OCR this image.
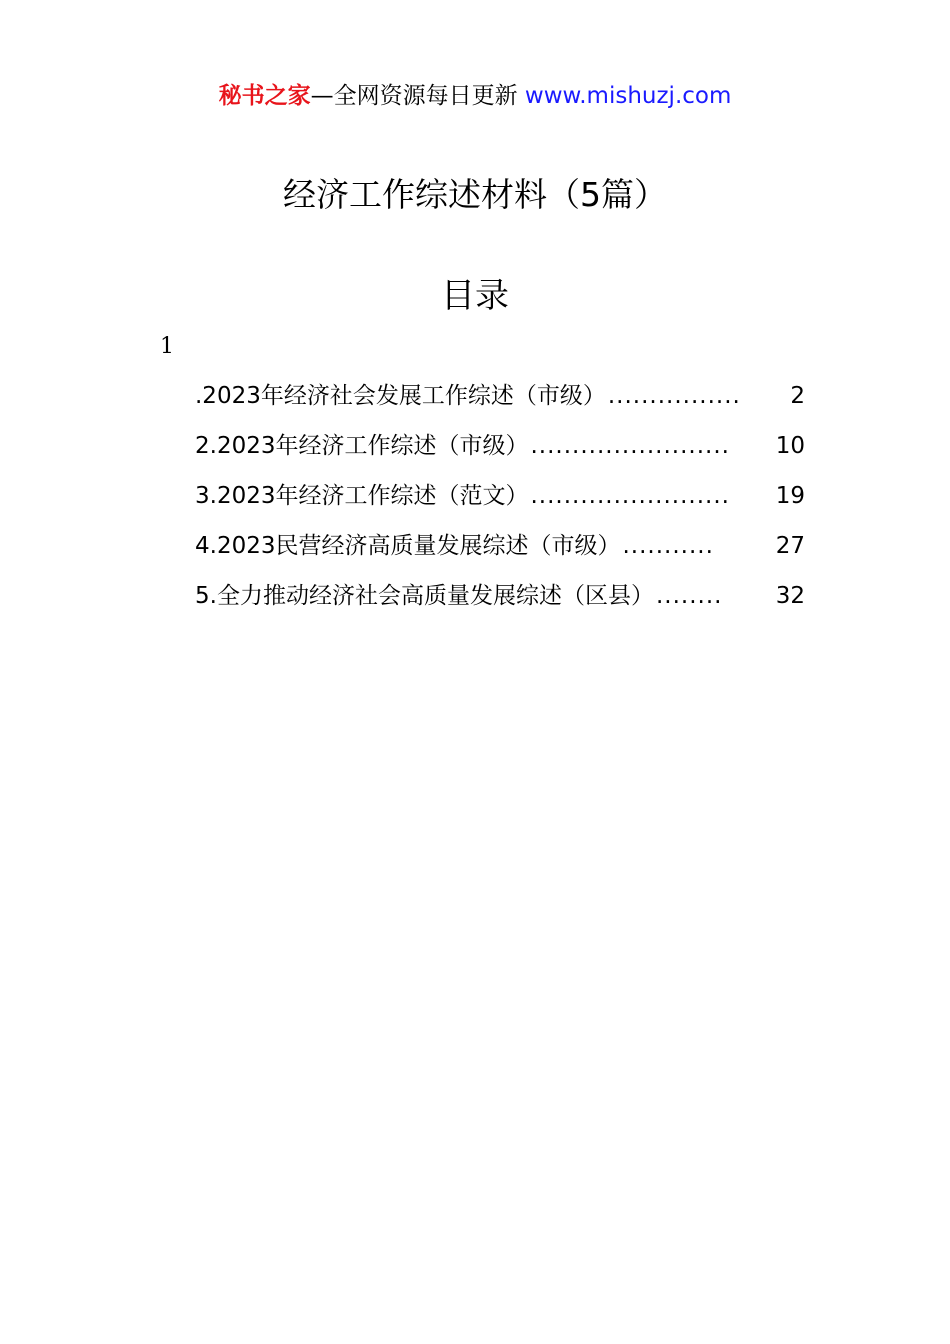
秘书之家—全网资源每日更新 www.mishuzj.com
经济工作综述材料（5篇）
目录
1
.2023年经济社会发展工作综述（市级） ................	2
2.2023年经济工作综述（市级） ........................	10
3.2023年经济工作综述（范文） ........................	19
4.2023民营经济高质量发展综述（市级） ...........	27
5.全力推动经济社会高质量发展综述（区县） ........	32
